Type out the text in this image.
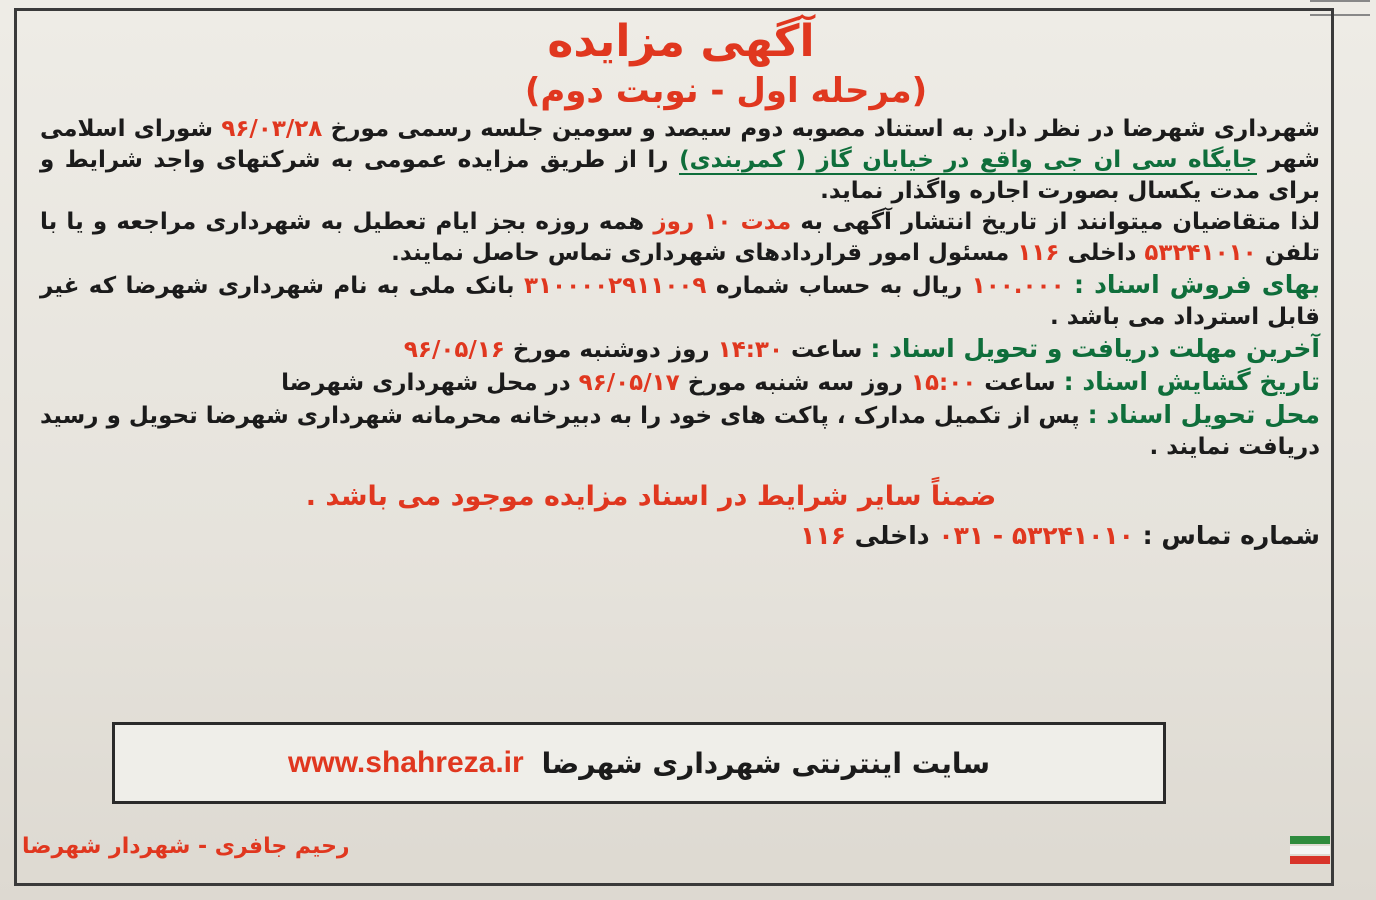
آگهی مزایده
(مرحله اول - نوبت دوم)

شهرداری شهرضا در نظر دارد به استناد مصوبه دوم سیصد و سومین جلسه رسمی مورخ ۹۶/۰۳/۲۸ شورای اسلامی شهر جایگاه سی ان جی واقع در خیابان گاز ( کمربندی) را از طریق مزایده عمومی به شرکتهای واجد شرایط و برای مدت یکسال بصورت اجاره واگذار نماید.

لذا متقاضیان میتوانند از تاریخ انتشار آگهی به مدت ۱۰ روز همه روزه بجز ایام تعطیل به شهرداری مراجعه و یا با تلفن ۵۳۲۴۱۰۱۰ داخلی ۱۱۶ مسئول امور قراردادهای شهرداری تماس حاصل نمایند.

بهای فروش اسناد : ۱۰۰.۰۰۰ ریال به حساب شماره ۳۱۰۰۰۰۲۹۱۱۰۰۹ بانک ملی به نام شهرداری شهرضا که غیر قابل استرداد می باشد .

آخرین مهلت دریافت و تحویل اسناد : ساعت ۱۴:۳۰ روز دوشنبه مورخ ۹۶/۰۵/۱۶

تاریخ گشایش اسناد : ساعت ۱۵:۰۰ روز سه شنبه مورخ ۹۶/۰۵/۱۷ در محل شهرداری شهرضا

محل تحویل اسناد : پس از تکمیل مدارک ، پاکت های خود را به دبیرخانه محرمانه شهرداری شهرضا تحویل و رسید دریافت نمایند .

ضمناً سایر شرایط در اسناد مزایده موجود می باشد .

شماره تماس : ۰۳۱ - ۵۳۲۴۱۰۱۰ داخلی ۱۱۶

سایت اینترنتی شهرداری شهرضا
www.shahreza.ir
رحیم جافری - شهردار شهرضا
